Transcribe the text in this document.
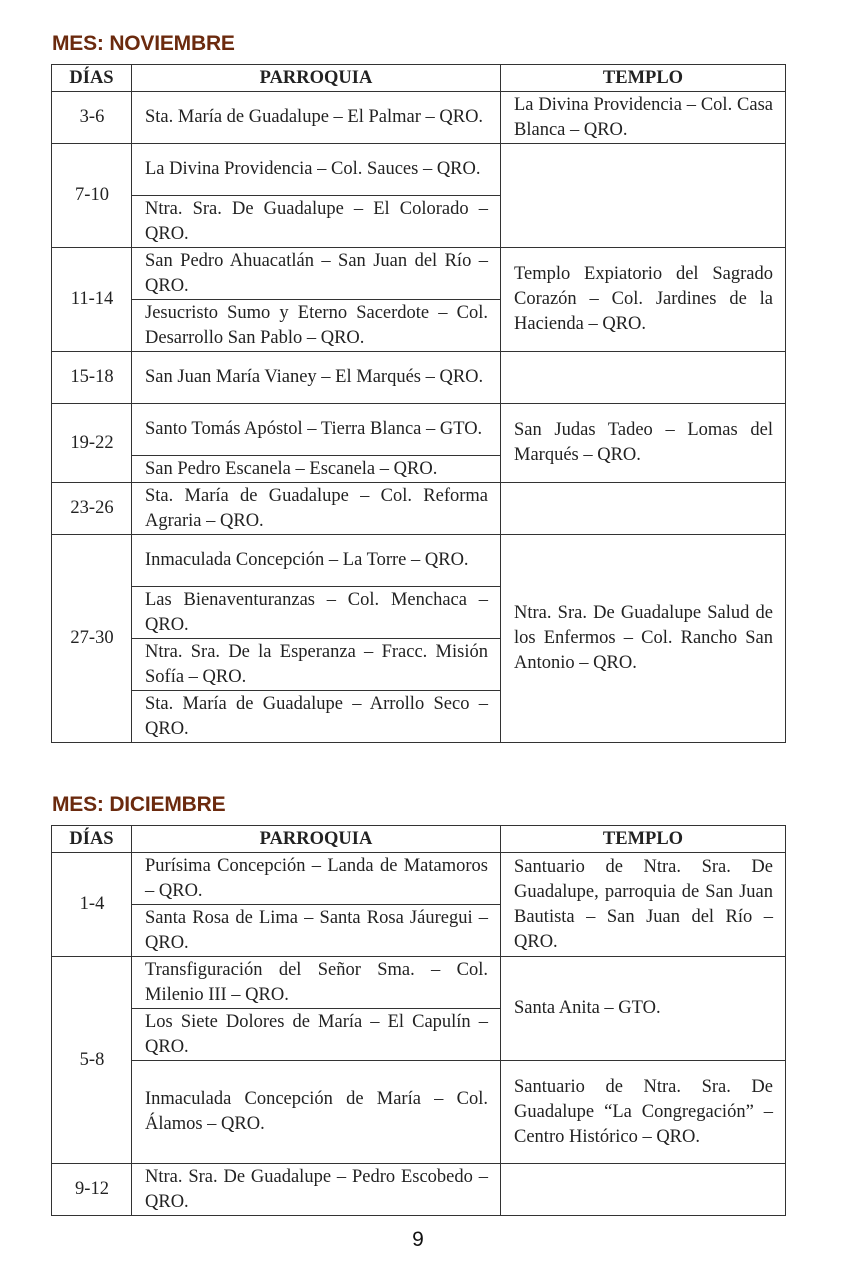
MES: NOVIEMBRE
DÍAS	PARROQUIA	TEMPLO
3-6	Sta. María de Guadalupe – El Palmar – QRO.	La Divina Providencia – Col. Casa Blanca – QRO.
7-10	La Divina Providencia – Col. Sauces – QRO.	
	Ntra. Sra. De Guadalupe – El Colorado – QRO.	
11-14	San Pedro Ahuacatlán – San Juan del Río – QRO.	Templo Expiatorio del Sagrado Corazón – Col. Jardines de la Hacienda – QRO.
	Jesucristo Sumo y Eterno Sacerdote – Col. Desarrollo San Pablo – QRO.	
15-18	San Juan María Vianey – El Marqués – QRO.	
19-22	Santo Tomás Apóstol – Tierra Blanca – GTO.	San Judas Tadeo – Lomas del Marqués – QRO.
	San Pedro Escanela – Escanela – QRO.	
23-26	Sta. María de Guadalupe – Col. Reforma Agraria – QRO.	
27-30	Inmaculada Concepción – La Torre – QRO.	Ntra. Sra. De Guadalupe Salud de los Enfermos – Col. Rancho San Antonio – QRO.
	Las Bienaventuranzas – Col. Menchaca – QRO.	
	Ntra. Sra. De la Esperanza – Fracc. Misión Sofía – QRO.	
	Sta. María de Guadalupe – Arrollo Seco – QRO.	
MES: DICIEMBRE
DÍAS	PARROQUIA	TEMPLO
1-4	Purísima Concepción – Landa de Matamoros – QRO.	Santuario de Ntra. Sra. De Guadalupe, parroquia de San Juan Bautista – San Juan del Río – QRO.
	Santa Rosa de Lima – Santa Rosa Jáuregui – QRO.	
5-8	Transfiguración del Señor Sma. – Col. Milenio III – QRO.	Santa Anita – GTO.
	Los Siete Dolores de María – El Capulín – QRO.	
	Inmaculada Concepción de María – Col. Álamos – QRO.	Santuario de Ntra. Sra. De Guadalupe “La Congregación” – Centro Histórico – QRO.
9-12	Ntra. Sra. De Guadalupe – Pedro Escobedo – QRO.	
9
